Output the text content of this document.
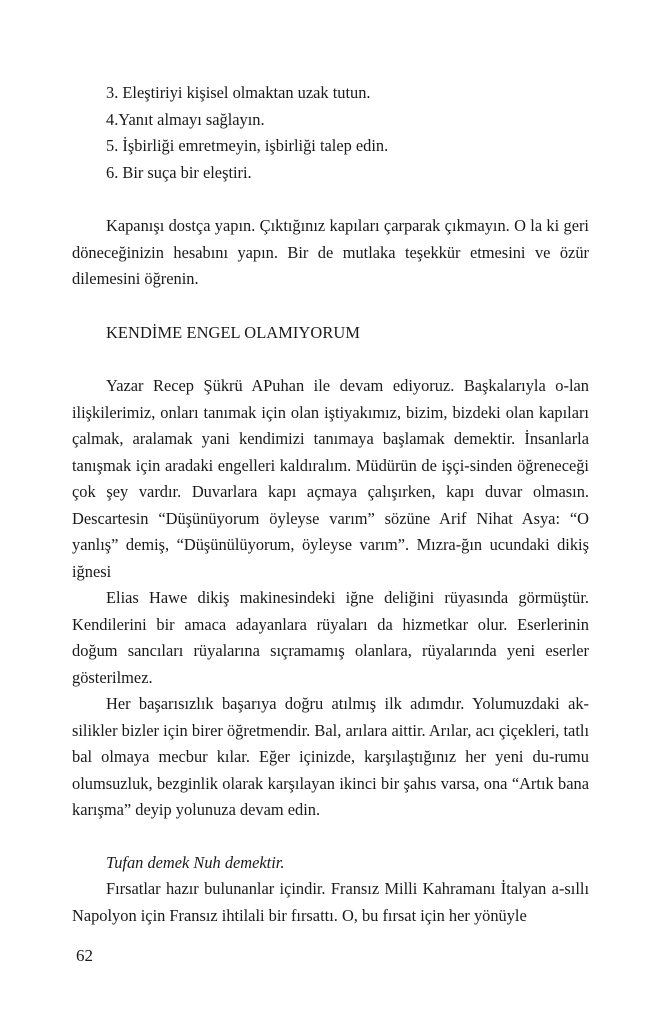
3. Eleştiriyi kişisel olmaktan uzak tutun.
4.Yanıt almayı sağlayın.
5. İşbirliği emretmeyin, işbirliği talep edin.
6. Bir suça bir eleştiri.

Kapanışı dostça yapın. Çıktığınız kapıları çarparak çıkmayın. O la ki geri döneceğinizin hesabını yapın. Bir de mutlaka teşekkür etmesini ve özür dilemesini öğrenin.

KENDİME ENGEL OLAMIYORUM

Yazar Recep Şükrü APuhan ile devam ediyoruz. Başkalarıyla o-lan ilişkilerimiz, onları tanımak için olan iştiyakımız, bizim, bizdeki olan kapıları çalmak, aralamak yani kendimizi tanımaya başlamak demektir. İnsanlarla tanışmak için aradaki engelleri kaldıralım. Müdürün de işçi-sinden öğreneceği çok şey vardır. Duvarlara kapı açmaya çalışırken, kapı duvar olmasın. Descartesin “Düşünüyorum öyleyse varım” sözüne Arif Nihat Asya: “O yanlış” demiş, “Düşünülüyorum, öyleyse varım”. Mızra-ğın ucundaki dikiş iğnesi

Elias Hawe dikiş makinesindeki iğne deliğini rüyasında görmüştür. Kendilerini bir amaca adayanlara rüyaları da hizmetkar olur. Eserlerinin doğum sancıları rüyalarına sıçramamış olanlara, rüyalarında yeni eserler gösterilmez.

Her başarısızlık başarıya doğru atılmış ilk adımdır. Yolumuzdaki ak-silikler bizler için birer öğretmendir. Bal, arılara aittir. Arılar, acı çiçekleri, tatlı bal olmaya mecbur kılar. Eğer içinizde, karşılaştığınız her yeni du-rumu olumsuzluk, bezginlik olarak karşılayan ikinci bir şahıs varsa, ona “Artık bana karışma” deyip yolunuza devam edin.

Tufan demek Nuh demektir.

Fırsatlar hazır bulunanlar içindir. Fransız Milli Kahramanı İtalyan a-sıllı Napolyon için Fransız ihtilali bir fırsattı. O, bu fırsat için her yönüyle

62
